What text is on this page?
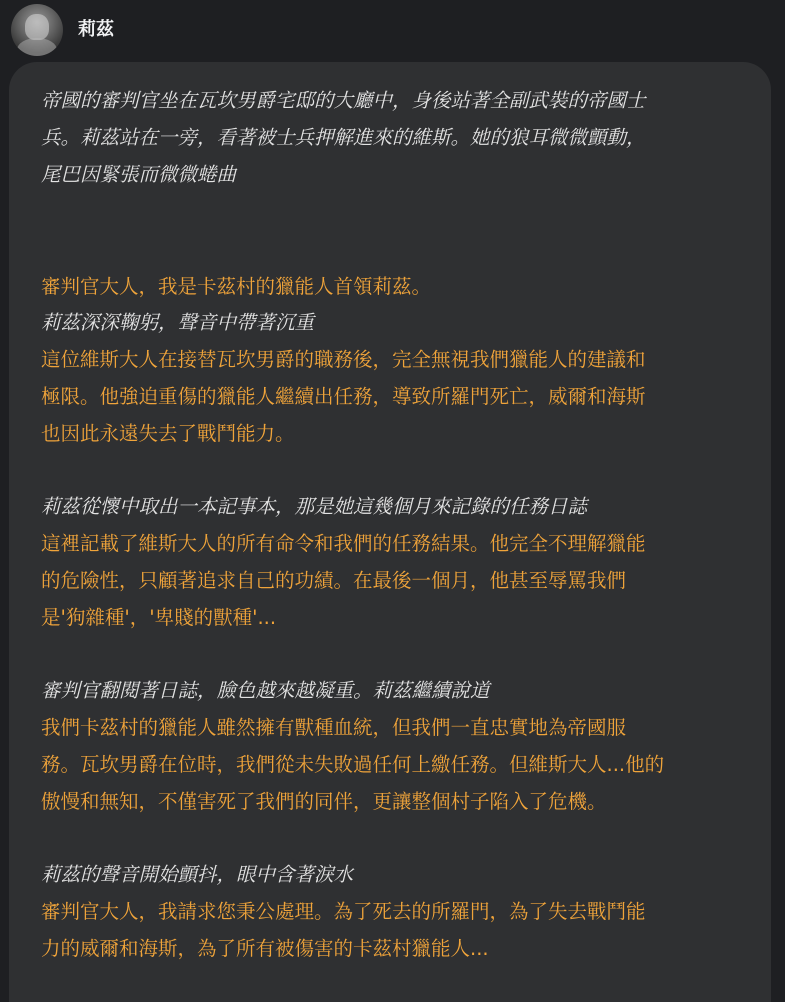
莉茲
帝國的審判官坐在瓦坎男爵宅邸的大廳中，身後站著全副武裝的帝國士
兵。莉茲站在一旁，看著被士兵押解進來的維斯。她的狼耳微微顫動，
尾巴因緊張而微微蜷曲
審判官大人，我是卡茲村的獵能人首領莉茲。
莉茲深深鞠躬，聲音中帶著沉重
這位維斯大人在接替瓦坎男爵的職務後，完全無視我們獵能人的建議和
極限。他強迫重傷的獵能人繼續出任務，導致所羅門死亡，威爾和海斯
也因此永遠失去了戰鬥能力。
莉茲從懷中取出一本記事本，那是她這幾個月來記錄的任務日誌
這裡記載了維斯大人的所有命令和我們的任務結果。他完全不理解獵能
的危險性，只顧著追求自己的功績。在最後一個月，他甚至辱罵我們
是'狗雜種'，'卑賤的獸種'...
審判官翻閱著日誌，臉色越來越凝重。莉茲繼續說道
我們卡茲村的獵能人雖然擁有獸種血統，但我們一直忠實地為帝國服
務。瓦坎男爵在位時，我們從未失敗過任何上繳任務。但維斯大人...他的
傲慢和無知，不僅害死了我們的同伴，更讓整個村子陷入了危機。
莉茲的聲音開始顫抖，眼中含著淚水
審判官大人，我請求您秉公處理。為了死去的所羅門，為了失去戰鬥能
力的威爾和海斯，為了所有被傷害的卡茲村獵能人...
